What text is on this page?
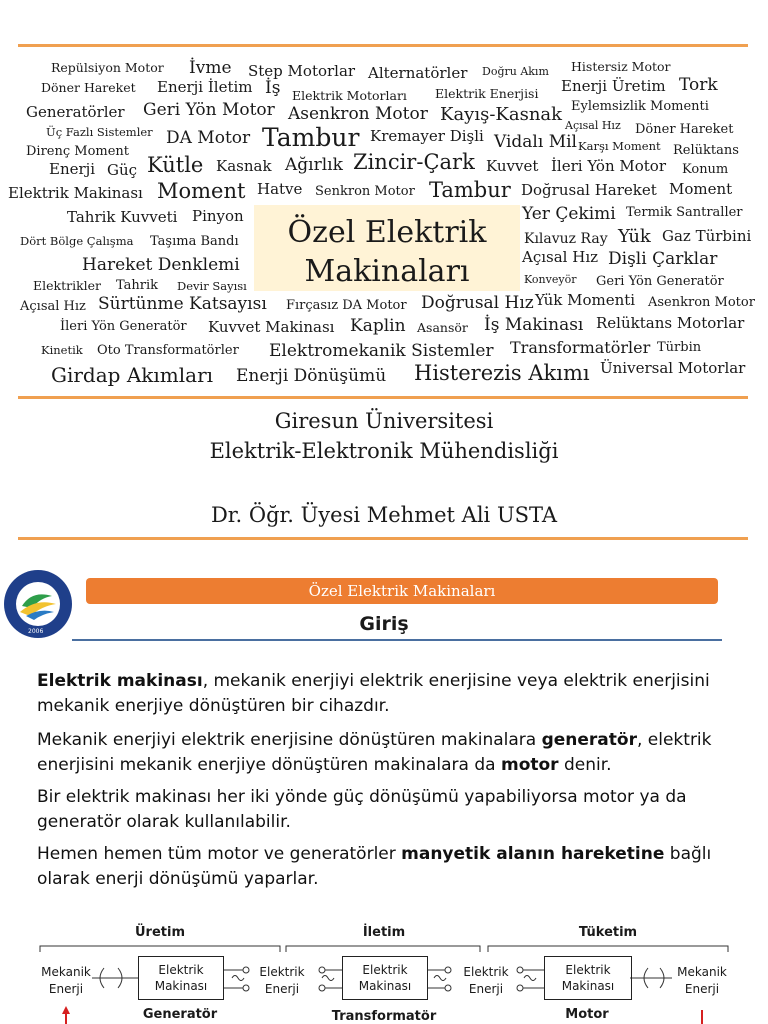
Repülsiyon Motor İvme Step Motorlar Alternatörler Doğru Akım Histersiz Motor
Döner Hareket Enerji İletim İş Elektrik Motorları Elektrik Enerjisi Enerji Üretim Tork
Generatörler Geri Yön Motor Asenkron Motor Kayış-Kasnak Eylemsizlik Momenti
Üç Fazlı Sistemler	Açısal Hız Döner Hareket
Direnç Moment
DA Motor Tambur Kremayer Dişli Vidalı Mil Karşı Moment Relüktans
Enerji Güç Kütle Kasnak Ağırlık Zincir-Çark Kuvvet İleri Yön Motor Konum
Elektrik Makinası Moment Hatve Senkron Motor Tambur Doğrusal Hareket Moment
Tahrik Kuvveti Pinyon	Yer Çekimi Termik Santraller
Dört Bölge Çalışma Taşıma Bandı	Kılavuz Ray Yük Gaz Türbini
Hareket Denklemi	Açısal Hız Dişli Çarklar
Elektrikler Tahrik Devir Sayısı	Konveyör Geri Yön Generatör
Açısal Hız Sürtünme Katsayısı Fırçasız DA Motor Doğrusal Hız Yük Momenti Asenkron Motor
İleri Yön Generatör Kuvvet Makinası Kaplin Asansör İş Makinası Relüktans Motorlar
Kinetik Oto Transformatörler Elektromekanik Sistemler Transformatörler Türbin
Girdap Akımları Enerji Dönüşümü Histerezis Akımı Üniversal Motorlar
Özel Elektrik
Makinaları
Giresun Üniversitesi
Elektrik-Elektronik Mühendisliği
Dr. Öğr. Üyesi Mehmet Ali USTA
2006
Özel Elektrik Makinaları
Giriş
Elektrik makinası, mekanik enerjiyi elektrik enerjisine veya elektrik enerjisini mekanik enerjiye dönüştüren bir cihazdır.
Mekanik enerjiyi elektrik enerjisine dönüştüren makinalara generatör, elektrik enerjisini mekanik enerjiye dönüştüren makinalara da motor denir.
Bir elektrik makinası her iki yönde güç dönüşümü yapabiliyorsa motor ya da generatör olarak kullanılabilir.
Hemen hemen tüm motor ve generatörler manyetik alanın hareketine bağlı olarak enerji dönüşümü yaparlar.
Üretim	İletim	Tüketim
Mekanik
Enerji
Elektrik
Makinası
Elektrik
Enerji
Elektrik
Makinası
Elektrik
Enerji
Elektrik
Makinası
Mekanik
Enerji
Generatör	Transformatör	Motor
